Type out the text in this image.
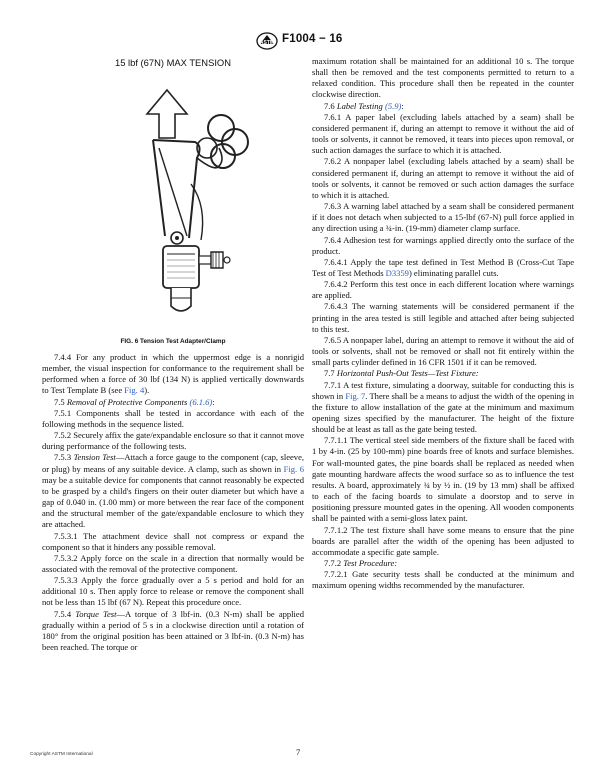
ASTM F1004 − 16
15 lbf (67N) MAX TENSION
FIG. 6 Tension Test Adapter/Clamp

7.4.4 For any product in which the uppermost edge is a nonrigid member, the visual inspection for conformance to the requirement shall be performed when a force of 30 lbf (134 N) is applied vertically downwards to Test Template B (see Fig. 4).

7.5 Removal of Protective Components (6.1.6):

7.5.1 Components shall be tested in accordance with each of the following methods in the sequence listed.

7.5.2 Securely affix the gate/expandable enclosure so that it cannot move during performance of the following tests.

7.5.3 Tension Test—Attach a force gauge to the component (cap, sleeve, or plug) by means of any suitable device. A clamp, such as shown in Fig. 6 may be a suitable device for components that cannot reasonably be expected to be grasped by a child's fingers on their outer diameter but which have a gap of 0.040 in. (1.00 mm) or more between the rear face of the component and the structural member of the gate/expandable enclosure to which they are attached.

7.5.3.1 The attachment device shall not compress or expand the component so that it hinders any possible removal.

7.5.3.2 Apply force on the scale in a direction that normally would be associated with the removal of the protective component.

7.5.3.3 Apply the force gradually over a 5 s period and hold for an additional 10 s. Then apply force to release or remove the component shall not be less than 15 lbf (67 N). Repeat this procedure once.

7.5.4 Torque Test—A torque of 3 lbf-in. (0.3 N-m) shall be applied gradually within a period of 5 s in a clockwise direction until a rotation of 180° from the original position has been attained or 3 lbf-in. (0.3 N-m) has been reached. The torque or

maximum rotation shall be maintained for an additional 10 s. The torque shall then be removed and the test components permitted to return to a relaxed condition. This procedure shall then be repeated in the counter clockwise direction.

7.6 Label Testing (5.9):

7.6.1 A paper label (excluding labels attached by a seam) shall be considered permanent if, during an attempt to remove it without the aid of tools or solvents, it cannot be removed, it tears into pieces upon removal, or such action damages the surface to which it is attached.

7.6.2 A nonpaper label (excluding labels attached by a seam) shall be considered permanent if, during an attempt to remove it without the aid of tools or solvents, it cannot be removed or such action damages the surface to which it is attached.

7.6.3 A warning label attached by a seam shall be considered permanent if it does not detach when subjected to a 15-lbf (67-N) pull force applied in any direction using a ¾-in. (19-mm) diameter clamp surface.

7.6.4 Adhesion test for warnings applied directly onto the surface of the product.

7.6.4.1 Apply the tape test defined in Test Method B (Cross-Cut Tape Test of Test Methods D3359) eliminating parallel cuts.

7.6.4.2 Perform this test once in each different location where warnings are applied.

7.6.4.3 The warning statements will be considered permanent if the printing in the area tested is still legible and attached after being subjected to this test.

7.6.5 A nonpaper label, during an attempt to remove it without the aid of tools or solvents, shall not be removed or shall not fit entirely within the small parts cylinder defined in 16 CFR 1501 if it can be removed.

7.7 Horizontal Push-Out Tests—Test Fixture:

7.7.1 A test fixture, simulating a doorway, suitable for conducting this is shown in Fig. 7. There shall be a means to adjust the width of the opening in the fixture to allow installation of the gate at the minimum and maximum opening sizes specified by the manufacturer. The height of the fixture should be at least as tall as the gate being tested.

7.7.1.1 The vertical steel side members of the fixture shall be faced with 1 by 4-in. (25 by 100-mm) pine boards free of knots and surface blemishes. For wall-mounted gates, the pine boards shall be replaced as needed when gate mounting hardware affects the wood surface so as to influence the test results. A board, approximately ¾ by ½ in. (19 by 13 mm) shall be affixed to each of the facing boards to simulate a doorstop and to serve in positioning pressure mounted gates in the opening. All wooden components shall be painted with a semi-gloss latex paint.

7.7.1.2 The test fixture shall have some means to ensure that the pine boards are parallel after the width of the opening has been adjusted to accommodate a specific gate sample.

7.7.2 Test Procedure:

7.7.2.1 Gate security tests shall be conducted at the minimum and maximum opening widths recommended by the manufacturer.

Copyright ASTM International	7
